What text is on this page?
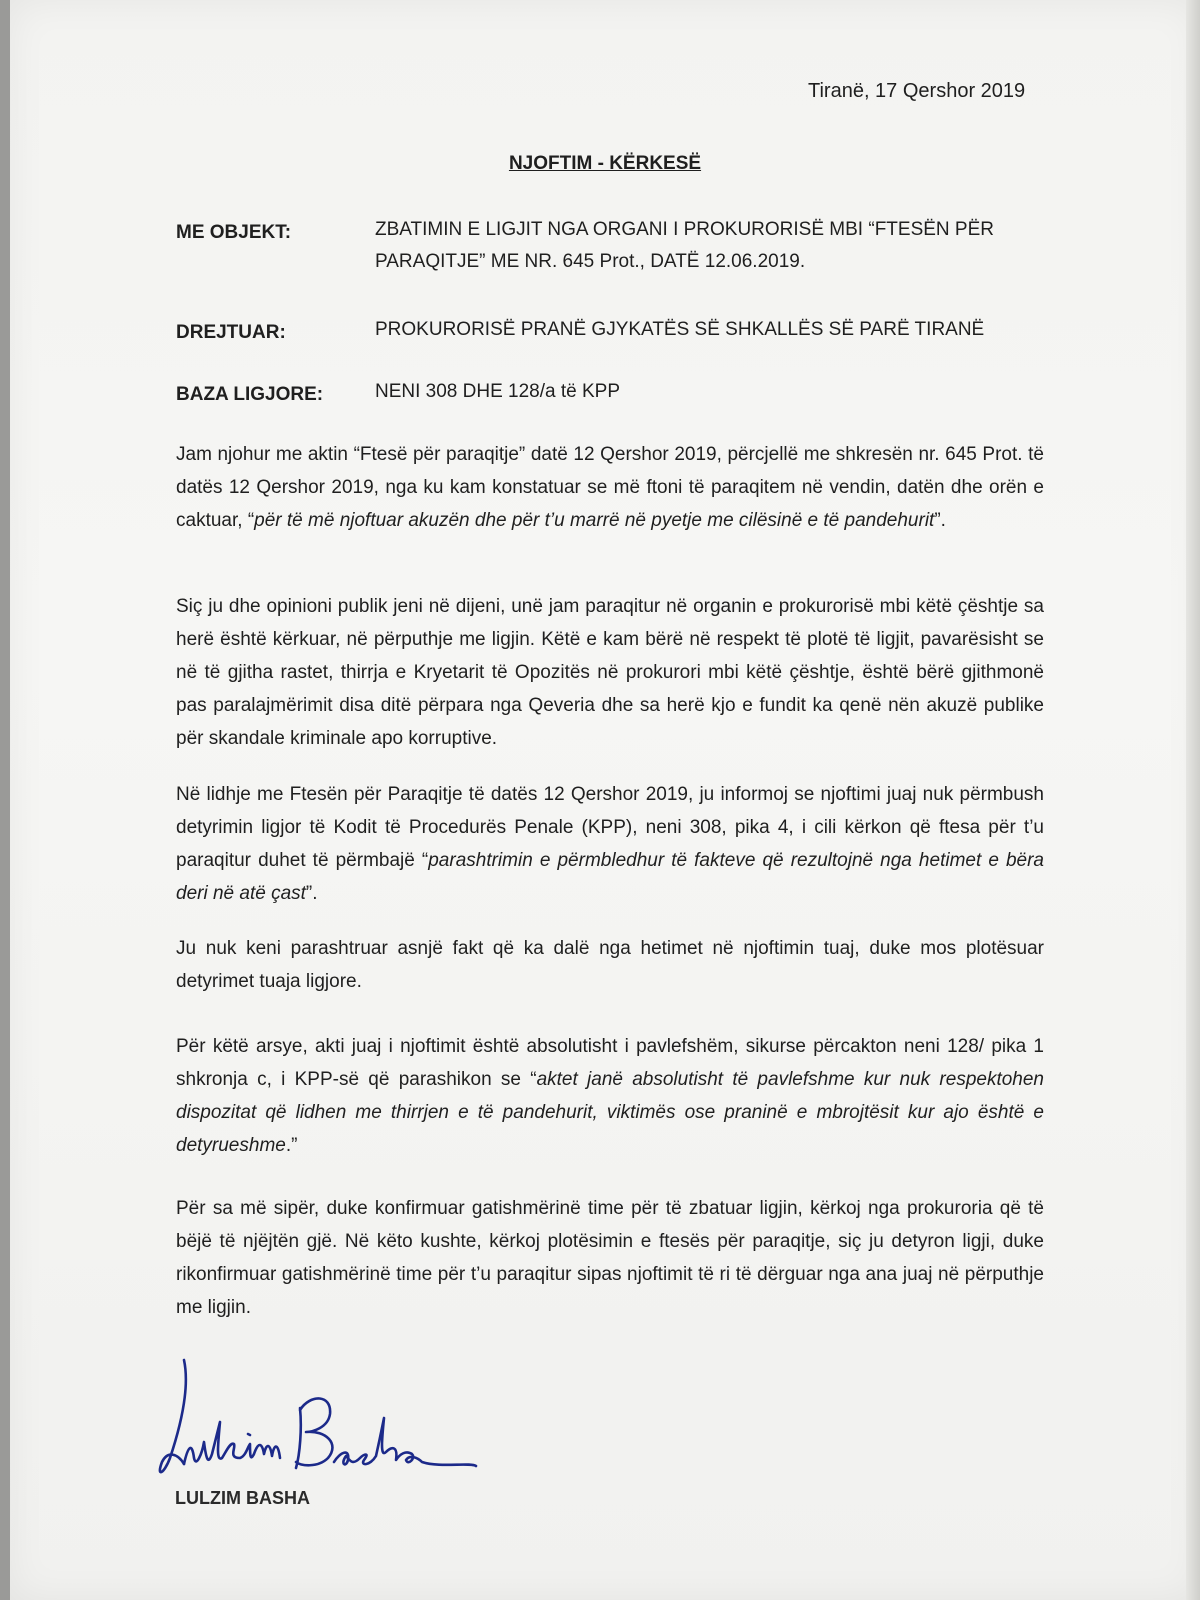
Tiranë, 17 Qershor 2019
NJOFTIM - KËRKESË
ME OBJEKT:	ZBATIMIN E LIGJIT NGA ORGANI I PROKURORISË MBI “FTESËN PËR PARAQITJE” ME NR. 645 Prot., DATË 12.06.2019.
DREJTUAR:	PROKURORISË PRANË GJYKATËS SË SHKALLËS SË PARË TIRANË
BAZA LIGJORE:	NENI 308 DHE 128/a të KPP
Jam njohur me aktin “Ftesë për paraqitje” datë 12 Qershor 2019, përcjellë me shkresën nr. 645 Prot. të datës 12 Qershor 2019, nga ku kam konstatuar se më ftoni të paraqitem në vendin, datën dhe orën e caktuar, “për të më njoftuar akuzën dhe për t’u marrë në pyetje me cilësinë e të pandehurit”.
Siç ju dhe opinioni publik jeni në dijeni, unë jam paraqitur në organin e prokurorisë mbi këtë çështje sa herë është kërkuar, në përputhje me ligjin. Këtë e kam bërë në respekt të plotë të ligjit, pavarësisht se në të gjitha rastet, thirrja e Kryetarit të Opozitës në prokurori mbi këtë çështje, është bërë gjithmonë pas paralajmërimit disa ditë përpara nga Qeveria dhe sa herë kjo e fundit ka qenë nën akuzë publike për skandale kriminale apo korruptive.
Në lidhje me Ftesën për Paraqitje të datës 12 Qershor 2019, ju informoj se njoftimi juaj nuk përmbush detyrimin ligjor të Kodit të Procedurës Penale (KPP), neni 308, pika 4, i cili kërkon që ftesa për t’u paraqitur duhet të përmbajë “parashtrimin e përmbledhur të fakteve që rezultojnë nga hetimet e bëra deri në atë çast”.
Ju nuk keni parashtruar asnjë fakt që ka dalë nga hetimet në njoftimin tuaj, duke mos plotësuar detyrimet tuaja ligjore.
Për këtë arsye, akti juaj i njoftimit është absolutisht i pavlefshëm, sikurse përcakton neni 128/ pika 1 shkronja c, i KPP-së që parashikon se “aktet janë absolutisht të pavlefshme kur nuk respektohen dispozitat që lidhen me thirrjen e të pandehurit, viktimës ose praninë e mbrojtësit kur ajo është e detyrueshme.”
Për sa më sipër, duke konfirmuar gatishmërinë time për të zbatuar ligjin, kërkoj nga prokuroria që të bëjë të njëjtën gjë. Në këto kushte, kërkoj plotësimin e ftesës për paraqitje, siç ju detyron ligji, duke rikonfirmuar gatishmërinë time për t’u paraqitur sipas njoftimit të ri të dërguar nga ana juaj në përputhje me ligjin.
LULZIM BASHA
